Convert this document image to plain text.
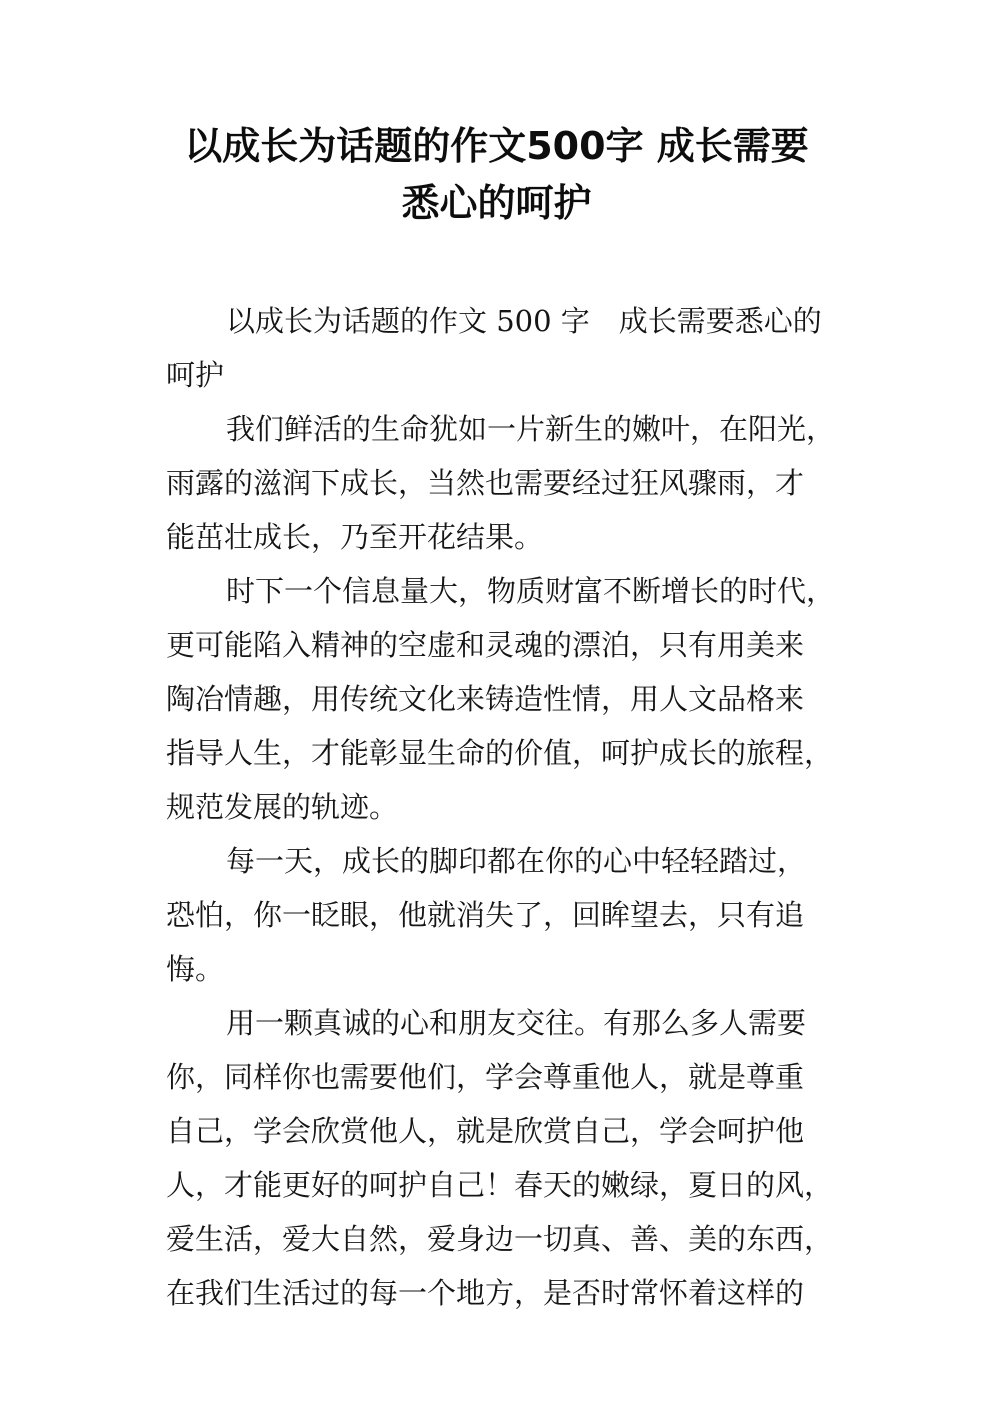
以成长为话题的作文500字 成长需要
悉心的呵护
以成长为话题的作文 500 字　成长需要悉心的
呵护
我们鲜活的生命犹如一片新生的嫩叶，在阳光，
雨露的滋润下成长，当然也需要经过狂风骤雨，才
能茁壮成长，乃至开花结果。
时下一个信息量大，物质财富不断增长的时代，
更可能陷入精神的空虚和灵魂的漂泊，只有用美来
陶冶情趣，用传统文化来铸造性情，用人文品格来
指导人生，才能彰显生命的价值，呵护成长的旅程，
规范发展的轨迹。
每一天，成长的脚印都在你的心中轻轻踏过，
恐怕，你一眨眼，他就消失了，回眸望去，只有追
悔。
用一颗真诚的心和朋友交往。有那么多人需要
你，同样你也需要他们，学会尊重他人，就是尊重
自己，学会欣赏他人，就是欣赏自己，学会呵护他
人，才能更好的呵护自己！春天的嫩绿，夏日的风，
爱生活，爱大自然，爱身边一切真、善、美的东西，
在我们生活过的每一个地方，是否时常怀着这样的
